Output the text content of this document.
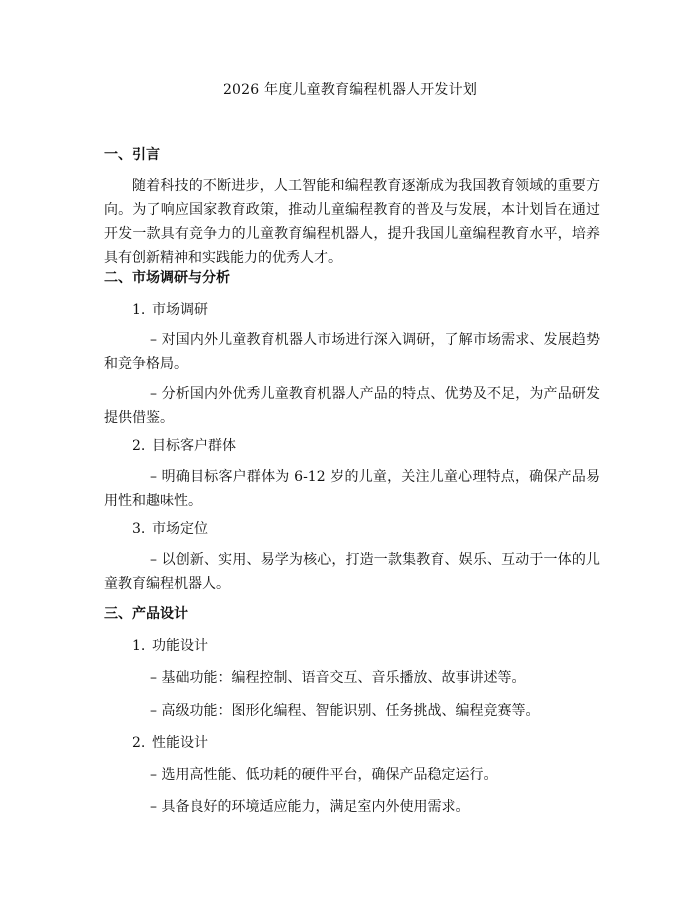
2026 年度儿童教育编程机器人开发计划
一、引言
随着科技的不断进步，人工智能和编程教育逐渐成为我国教育领域的重要方向。为了响应国家教育政策，推动儿童编程教育的普及与发展，本计划旨在通过开发一款具有竞争力的儿童教育编程机器人，提升我国儿童编程教育水平，培养具有创新精神和实践能力的优秀人才。
二、市场调研与分析
1. 市场调研
– 对国内外儿童教育机器人市场进行深入调研，了解市场需求、发展趋势和竞争格局。
– 分析国内外优秀儿童教育机器人产品的特点、优势及不足，为产品研发提供借鉴。
2. 目标客户群体
– 明确目标客户群体为 6-12 岁的儿童，关注儿童心理特点，确保产品易用性和趣味性。
3. 市场定位
– 以创新、实用、易学为核心，打造一款集教育、娱乐、互动于一体的儿童教育编程机器人。
三、产品设计
1. 功能设计
– 基础功能：编程控制、语音交互、音乐播放、故事讲述等。
– 高级功能：图形化编程、智能识别、任务挑战、编程竞赛等。
2. 性能设计
– 选用高性能、低功耗的硬件平台，确保产品稳定运行。
– 具备良好的环境适应能力，满足室内外使用需求。
